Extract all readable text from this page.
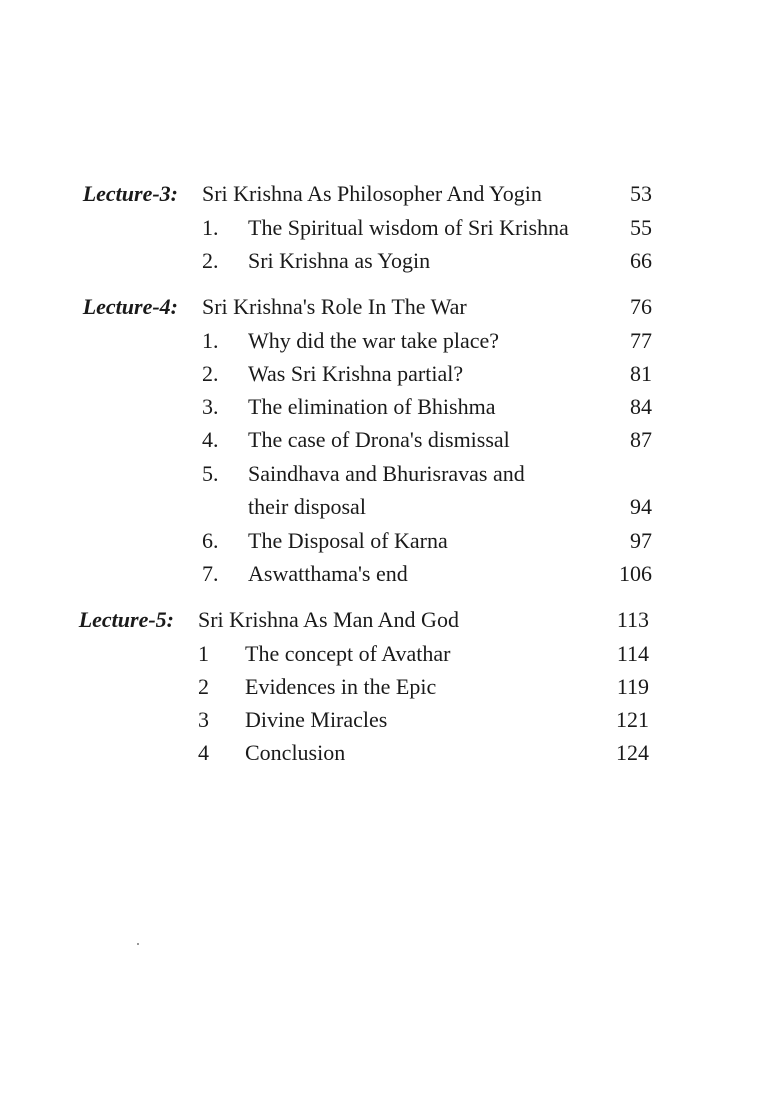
Lecture-3: Sri Krishna As Philosopher And Yogin	53
1. The Spiritual wisdom of Sri Krishna	55
2. Sri Krishna as Yogin	66
Lecture-4: Sri Krishna's Role In The War	76
1. Why did the war take place?	77
2. Was Sri Krishna partial?	81
3. The elimination of Bhishma	84
4. The case of Drona's dismissal	87
5. Saindhava and Bhurisravas and
their disposal	94
6. The Disposal of Karna	97
7. Aswatthama's end	106
Lecture-5: Sri Krishna As Man And God	113
1 The concept of Avathar	114
2 Evidences in the Epic	119
3 Divine Miracles	121
4 Conclusion	124
